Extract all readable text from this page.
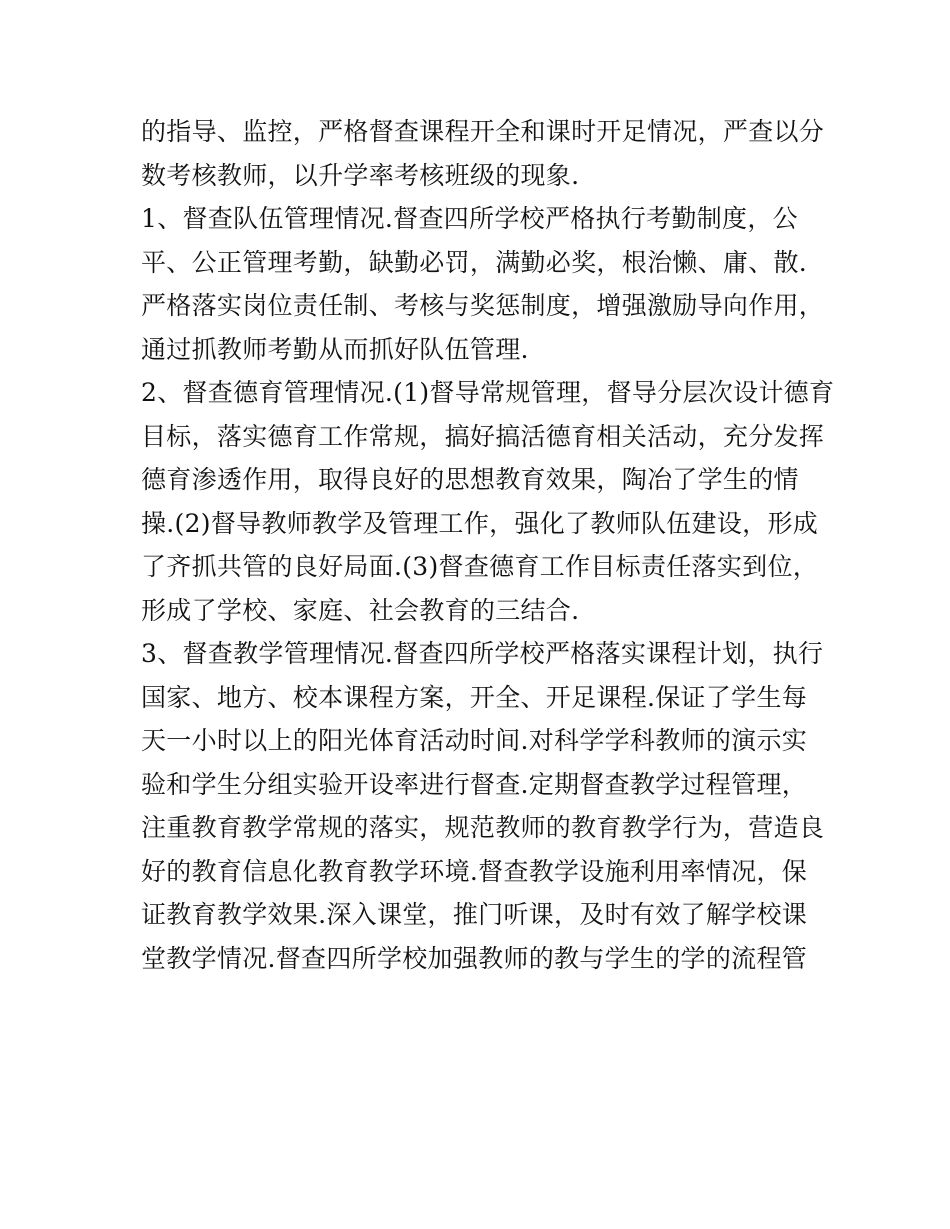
的指导、监控，严格督查课程开全和课时开足情况，严查以分
数考核教师，以升学率考核班级的现象.
1、督查队伍管理情况.督查四所学校严格执行考勤制度，公
平、公正管理考勤，缺勤必罚，满勤必奖，根治懒、庸、散.
严格落实岗位责任制、考核与奖惩制度，增强激励导向作用，
通过抓教师考勤从而抓好队伍管理.
2、督查德育管理情况.(1)督导常规管理，督导分层次设计德育
目标，落实德育工作常规，搞好搞活德育相关活动，充分发挥
德育渗透作用，取得良好的思想教育效果，陶冶了学生的情
操.(2)督导教师教学及管理工作，强化了教师队伍建设，形成
了齐抓共管的良好局面.(3)督查德育工作目标责任落实到位，
形成了学校、家庭、社会教育的三结合.
3、督查教学管理情况.督查四所学校严格落实课程计划，执行
国家、地方、校本课程方案，开全、开足课程.保证了学生每
天一小时以上的阳光体育活动时间.对科学学科教师的演示实
验和学生分组实验开设率进行督查.定期督查教学过程管理，
注重教育教学常规的落实，规范教师的教育教学行为，营造良
好的教育信息化教育教学环境.督查教学设施利用率情况，保
证教育教学效果.深入课堂，推门听课，及时有效了解学校课
堂教学情况.督查四所学校加强教师的教与学生的学的流程管
